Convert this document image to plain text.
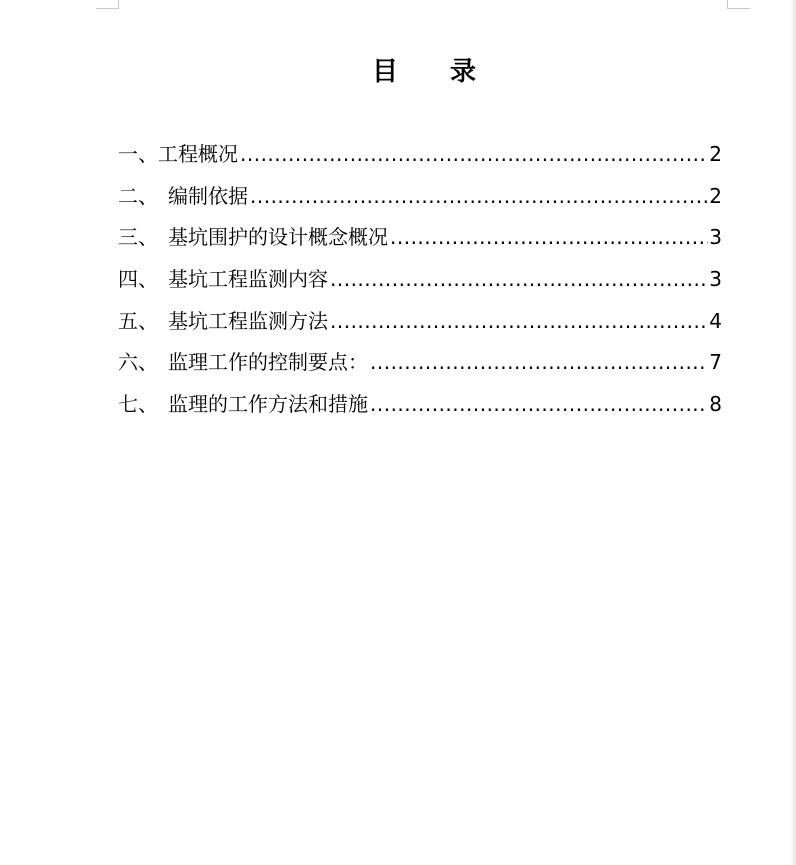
目　　录
一、 工程概况 .....	2
二、　 编制依据 .....	2
三、　 基坑围护的设计概念概况 .....	3
四、　 基坑工程监测内容 .....	3
五、　 基坑工程监测方法 .....	4
六、　 监理工作的控制要点： .....	7
七、　 监理的工作方法和措施 .....	8
